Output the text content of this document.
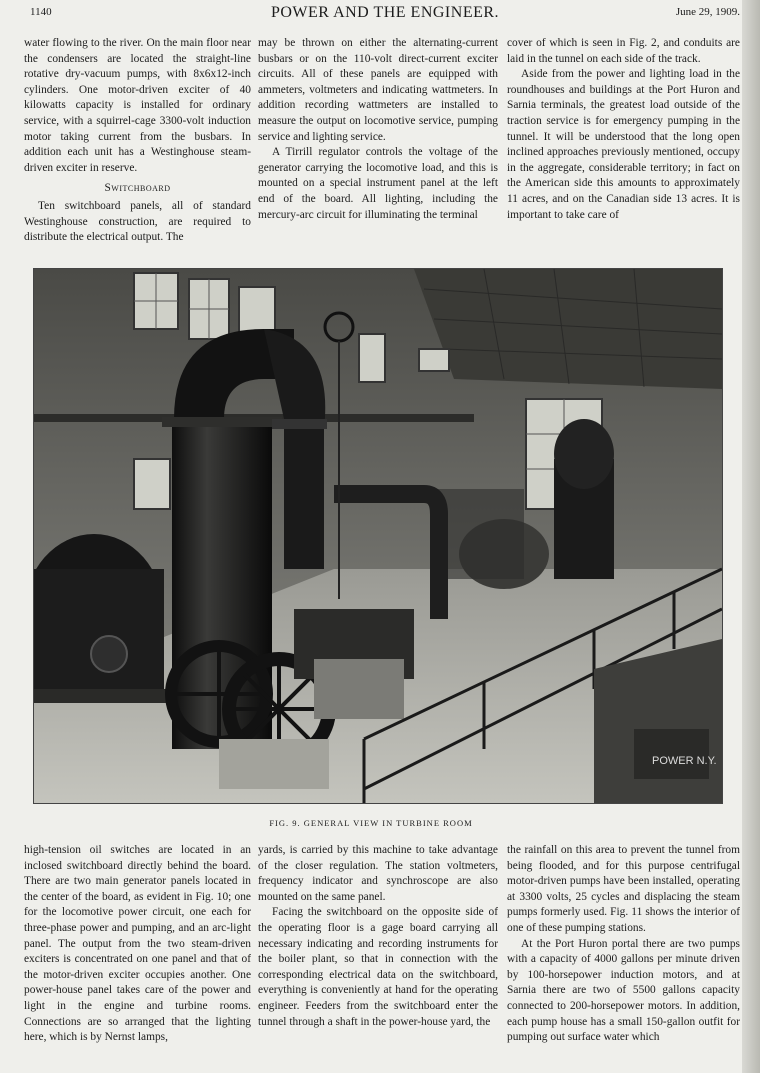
1140	POWER AND THE ENGINEER.	June 29, 1909.

water flowing to the river. On the main floor near the condensers are located the straight-line rotative dry-vacuum pumps, with 8x6x12-inch cylinders. One motor-driven exciter of 40 kilowatts capacity is installed for ordinary service, with a squirrel-cage 3300-volt induction motor taking current from the busbars. In addition each unit has a Westinghouse steam-driven exciter in reserve.

Switchboard

Ten switchboard panels, all of standard Westinghouse construction, are required to distribute the electrical output. The

may be thrown on either the alternating-current busbars or on the 110-volt direct-current exciter circuits. All of these panels are equipped with ammeters, voltmeters and indicating wattmeters. In addition recording wattmeters are installed to measure the output on locomotive service, pumping service and lighting service.

A Tirrill regulator controls the voltage of the generator carrying the locomotive load, and this is mounted on a special instrument panel at the left end of the board. All lighting, including the mercury-arc circuit for illuminating the terminal

cover of which is seen in Fig. 2, and conduits are laid in the tunnel on each side of the track.

Aside from the power and lighting load in the roundhouses and buildings at the Port Huron and Sarnia terminals, the greatest load outside of the traction service is for emergency pumping in the tunnel. It will be understood that the long open inclined approaches previously mentioned, occupy in the aggregate, considerable territory; in fact on the American side this amounts to approximately 11 acres, and on the Canadian side 13 acres. It is important to take care of

POWER N.Y.
FIG. 9. GENERAL VIEW IN TURBINE ROOM

high-tension oil switches are located in an inclosed switchboard directly behind the board. There are two main generator panels located in the center of the board, as evident in Fig. 10; one for the locomotive power circuit, one each for three-phase power and pumping, and an arc-light panel. The output from the two steam-driven exciters is concentrated on one panel and that of the motor-driven exciter occupies another. One power-house panel takes care of the power and light in the engine and turbine rooms. Connections are so arranged that the lighting here, which is by Nernst lamps,

yards, is carried by this machine to take advantage of the closer regulation. The station voltmeters, frequency indicator and synchroscope are also mounted on the same panel.

Facing the switchboard on the opposite side of the operating floor is a gage board carrying all necessary indicating and recording instruments for the boiler plant, so that in connection with the corresponding electrical data on the switchboard, everything is conveniently at hand for the operating engineer. Feeders from the switchboard enter the tunnel through a shaft in the power-house yard, the

the rainfall on this area to prevent the tunnel from being flooded, and for this purpose centrifugal motor-driven pumps have been installed, operating at 3300 volts, 25 cycles and displacing the steam pumps formerly used. Fig. 11 shows the interior of one of these pumping stations.

At the Port Huron portal there are two pumps with a capacity of 4000 gallons per minute driven by 100-horsepower induction motors, and at Sarnia there are two of 5500 gallons capacity connected to 200-horsepower motors. In addition, each pump house has a small 150-gallon outfit for pumping out surface water which
